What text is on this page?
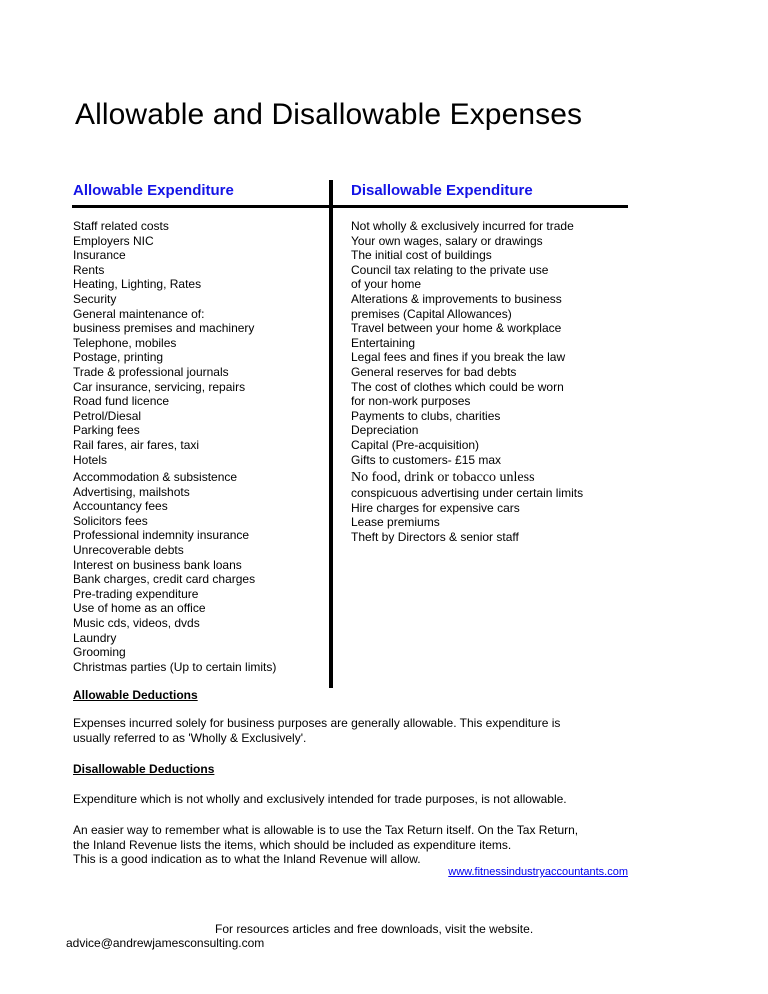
Allowable and Disallowable Expenses
Allowable Expenditure	Disallowable Expenditure
Staff related costs
Employers NIC
Insurance
Rents
Heating, Lighting, Rates
Security
General maintenance of:
business premises and machinery
Telephone, mobiles
Postage, printing
Trade & professional journals
Car insurance, servicing, repairs
Road fund licence
Petrol/Diesal
Parking fees
Rail fares, air fares, taxi
Hotels
Accommodation & subsistence
Advertising, mailshots
Accountancy fees
Solicitors fees
Professional indemnity insurance
Unrecoverable debts
Interest on business bank loans
Bank charges, credit card charges
Pre-trading expenditure
Use of home as an office
Music cds, videos, dvds
Laundry
Grooming
Christmas parties (Up to certain limits)
Not wholly & exclusively incurred for trade
Your own wages, salary or drawings
The initial cost of buildings
Council tax relating to the private use
of your home
Alterations & improvements to business
premises (Capital Allowances)
Travel between your home & workplace
Entertaining
Legal fees and fines if you break the law
General reserves for bad debts
The cost of clothes which could be worn
for non-work purposes
Payments to clubs, charities
Depreciation
Capital (Pre-acquisition)
Gifts to customers- £15 max
No food, drink or tobacco unless
conspicuous advertising under certain limits
Hire charges for expensive cars
Lease premiums
Theft by Directors & senior staff
Allowable Deductions

Expenses incurred solely for business purposes are generally allowable. This expenditure is

usually referred to as 'Wholly & Exclusively'.

Disallowable Deductions

Expenditure which is not wholly and exclusively intended for trade purposes, is not allowable.

An easier way to remember what is allowable is to use the Tax Return itself. On the Tax Return,

the Inland Revenue lists the items, which should be included as expenditure items.

This is a good indication as to what the Inland Revenue will allow.

www.fitnessindustryaccountants.com
For resources articles and free downloads, visit the website.
advice@andrewjamesconsulting.com
